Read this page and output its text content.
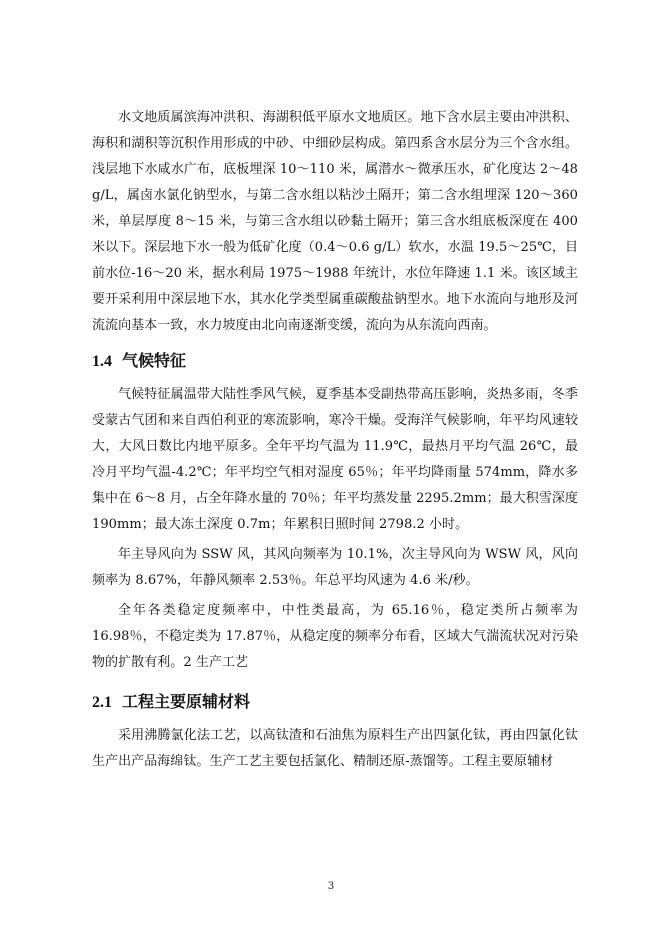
水文地质属滨海冲洪积、海湖积低平原水文地质区。地下含水层主要由冲洪积、海积和湖积等沉积作用形成的中砂、中细砂层构成。第四系含水层分为三个含水组。浅层地下水咸水广布，底板埋深 10～110 米，属潜水～微承压水，矿化度达 2～48 g/L，属卤水氯化钠型水，与第二含水组以粘沙土隔开；第二含水组埋深 120～360 米，单层厚度 8～15 米，与第三含水组以砂黏土隔开；第三含水组底板深度在 400 米以下。深层地下水一般为低矿化度（0.4～0.6 g/L）软水，水温 19.5～25℃，目前水位-16～20 米，据水利局 1975～1988 年统计，水位年降速 1.1 米。该区域主要开采利用中深层地下水，其水化学类型属重碳酸盐钠型水。地下水流向与地形及河流流向基本一致，水力坡度由北向南逐渐变缓，流向为从东流向西南。

1.4 气候特征

气候特征属温带大陆性季风气候，夏季基本受副热带高压影响，炎热多雨，冬季受蒙古气团和来自西伯利亚的寒流影响，寒冷干燥。受海洋气候影响，年平均风速较大，大风日数比内地平原多。全年平均气温为 11.9℃，最热月平均气温 26℃，最冷月平均气温-4.2℃；年平均空气相对湿度 65％；年平均降雨量 574mm，降水多集中在 6～8 月，占全年降水量的 70％；年平均蒸发量 2295.2mm；最大积雪深度 190mm；最大冻土深度 0.7m；年累积日照时间 2798.2 小时。

年主导风向为 SSW 风，其风向频率为 10.1%，次主导风向为 WSW 风，风向频率为 8.67%，年静风频率 2.53％。年总平均风速为 4.6 米/秒。

全年各类稳定度频率中，中性类最高，为 65.16％，稳定类所占频率为 16.98％，不稳定类为 17.87％，从稳定度的频率分布看，区域大气湍流状况对污染物的扩散有利。2 生产工艺

2.1 工程主要原辅材料

采用沸腾氯化法工艺，以高钛渣和石油焦为原料生产出四氯化钛，再由四氯化钛生产出产品海绵钛。生产工艺主要包括氯化、精制还原-蒸馏等。工程主要原辅材

3
